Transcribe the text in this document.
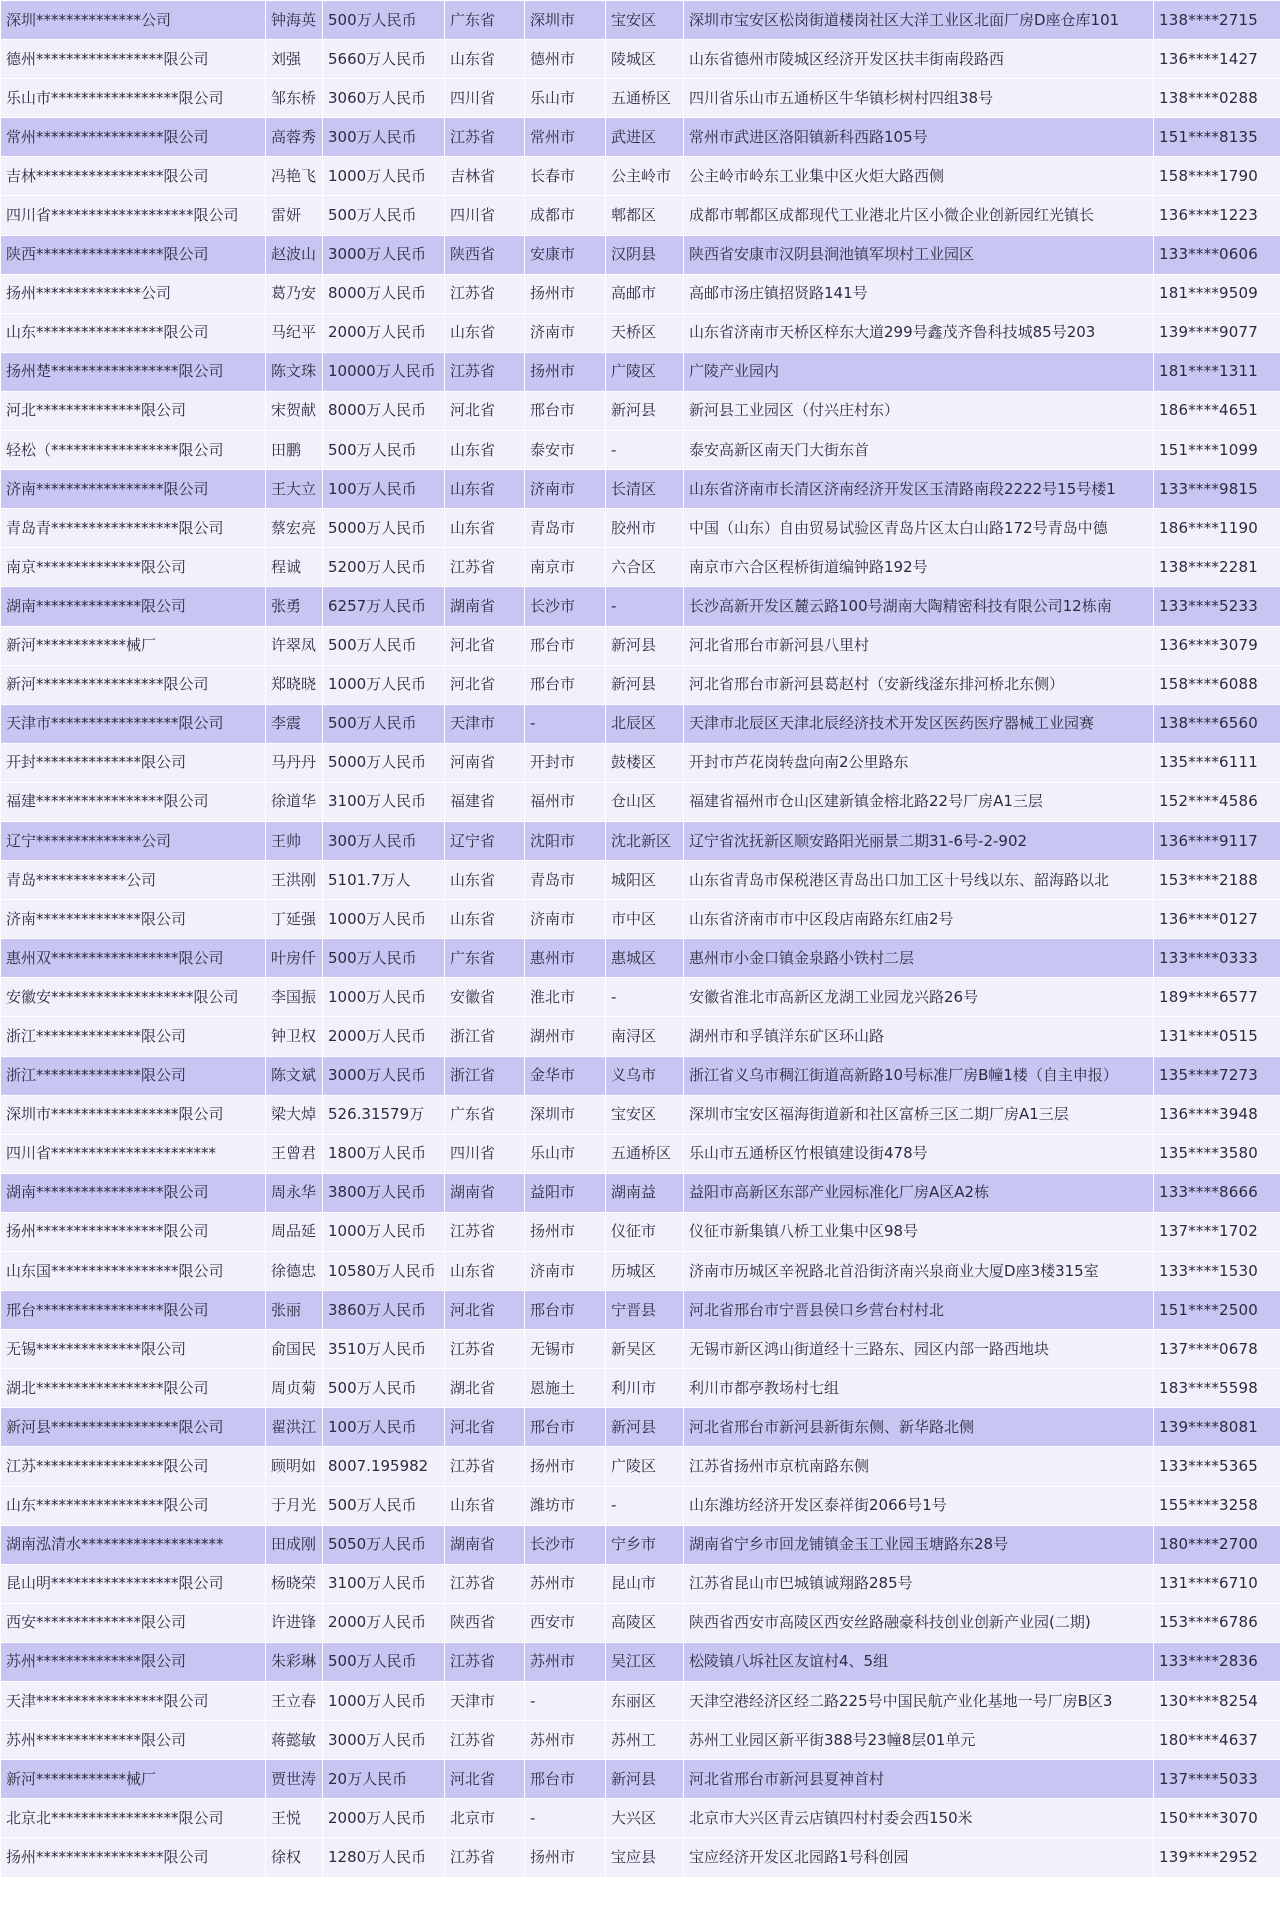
深圳**************公司	钟海英	500万人民币	广东省	深圳市	宝安区	深圳市宝安区松岗街道楼岗社区大洋工业区北面厂房D座仓库101	138****2715
德州*****************限公司	刘强	5660万人民币	山东省	德州市	陵城区	山东省德州市陵城区经济开发区扶丰街南段路西	136****1427
乐山市*****************限公司	邹东桥	3060万人民币	四川省	乐山市	五通桥区	四川省乐山市五通桥区牛华镇杉树村四组38号	138****0288
常州*****************限公司	高蓉秀	300万人民币	江苏省	常州市	武进区	常州市武进区洛阳镇新科西路105号	151****8135
吉林*****************限公司	冯艳飞	1000万人民币	吉林省	长春市	公主岭市	公主岭市岭东工业集中区火炬大路西侧	158****1790
四川省*******************限公司	雷妍	500万人民币	四川省	成都市	郫都区	成都市郫都区成都现代工业港北片区小微企业创新园红光镇长	136****1223
陕西*****************限公司	赵波山	3000万人民币	陕西省	安康市	汉阴县	陕西省安康市汉阴县涧池镇军坝村工业园区	133****0606
扬州**************公司	葛乃安	8000万人民币	江苏省	扬州市	高邮市	高邮市汤庄镇招贤路141号	181****9509
山东*****************限公司	马纪平	2000万人民币	山东省	济南市	天桥区	山东省济南市天桥区梓东大道299号鑫茂齐鲁科技城85号203	139****9077
扬州楚*****************限公司	陈文珠	10000万人民币	江苏省	扬州市	广陵区	广陵产业园内	181****1311
河北**************限公司	宋贺献	8000万人民币	河北省	邢台市	新河县	新河县工业园区（付兴庄村东）	186****4651
轻松（*****************限公司	田鹏	500万人民币	山东省	泰安市	-	泰安高新区南天门大街东首	151****1099
济南*****************限公司	王大立	100万人民币	山东省	济南市	长清区	山东省济南市长清区济南经济开发区玉清路南段2222号15号楼1	133****9815
青岛青*****************限公司	蔡宏亮	5000万人民币	山东省	青岛市	胶州市	中国（山东）自由贸易试验区青岛片区太白山路172号青岛中德	186****1190
南京**************限公司	程诚	5200万人民币	江苏省	南京市	六合区	南京市六合区程桥街道编钟路192号	138****2281
湖南**************限公司	张勇	6257万人民币	湖南省	长沙市	-	长沙高新开发区麓云路100号湖南大陶精密科技有限公司12栋南	133****5233
新河************械厂	许翠凤	500万人民币	河北省	邢台市	新河县	河北省邢台市新河县八里村	136****3079
新河*****************限公司	郑晓晓	1000万人民币	河北省	邢台市	新河县	河北省邢台市新河县葛赵村（安新线滏东排河桥北东侧）	158****6088
天津市*****************限公司	李震	500万人民币	天津市	-	北辰区	天津市北辰区天津北辰经济技术开发区医药医疗器械工业园赛	138****6560
开封**************限公司	马丹丹	5000万人民币	河南省	开封市	鼓楼区	开封市芦花岗转盘向南2公里路东	135****6111
福建*****************限公司	徐道华	3100万人民币	福建省	福州市	仓山区	福建省福州市仓山区建新镇金榕北路22号厂房A1三层	152****4586
辽宁**************公司	王帅	300万人民币	辽宁省	沈阳市	沈北新区	辽宁省沈抚新区顺安路阳光丽景二期31-6号-2-902	136****9117
青岛************公司	王洪刚	5101.7万人	山东省	青岛市	城阳区	山东省青岛市保税港区青岛出口加工区十号线以东、韶海路以北	153****2188
济南**************限公司	丁延强	1000万人民币	山东省	济南市	市中区	山东省济南市市中区段店南路东红庙2号	136****0127
惠州双*****************限公司	叶房仟	500万人民币	广东省	惠州市	惠城区	惠州市小金口镇金泉路小铁村二层	133****0333
安徽安*******************限公司	李国振	1000万人民币	安徽省	淮北市	-	安徽省淮北市高新区龙湖工业园龙兴路26号	189****6577
浙江**************限公司	钟卫权	2000万人民币	浙江省	湖州市	南浔区	湖州市和孚镇洋东矿区环山路	131****0515
浙江**************限公司	陈文斌	3000万人民币	浙江省	金华市	义乌市	浙江省义乌市稠江街道高新路10号标准厂房B幢1楼（自主申报）	135****7273
深圳市*****************限公司	梁大焯	526.31579万	广东省	深圳市	宝安区	深圳市宝安区福海街道新和社区富桥三区二期厂房A1三层	136****3948
四川省**********************	王曾君	1800万人民币	四川省	乐山市	五通桥区	乐山市五通桥区竹根镇建设街478号	135****3580
湖南*****************限公司	周永华	3800万人民币	湖南省	益阳市	湖南益	益阳市高新区东部产业园标准化厂房A区A2栋	133****8666
扬州*****************限公司	周品延	1000万人民币	江苏省	扬州市	仪征市	仪征市新集镇八桥工业集中区98号	137****1702
山东国*****************限公司	徐德忠	10580万人民币	山东省	济南市	历城区	济南市历城区辛祝路北首沿街济南兴泉商业大厦D座3楼315室	133****1530
邢台*****************限公司	张丽	3860万人民币	河北省	邢台市	宁晋县	河北省邢台市宁晋县侯口乡营台村村北	151****2500
无锡**************限公司	俞国民	3510万人民币	江苏省	无锡市	新吴区	无锡市新区鸿山街道经十三路东、园区内部一路西地块	137****0678
湖北*****************限公司	周贞菊	500万人民币	湖北省	恩施土	利川市	利川市都亭教场村七组	183****5598
新河县*****************限公司	翟洪江	100万人民币	河北省	邢台市	新河县	河北省邢台市新河县新街东侧、新华路北侧	139****8081
江苏*****************限公司	顾明如	8007.195982	江苏省	扬州市	广陵区	江苏省扬州市京杭南路东侧	133****5365
山东*****************限公司	于月光	500万人民币	山东省	潍坊市	-	山东潍坊经济开发区泰祥街2066号1号	155****3258
湖南泓清水*******************	田成刚	5050万人民币	湖南省	长沙市	宁乡市	湖南省宁乡市回龙铺镇金玉工业园玉塘路东28号	180****2700
昆山明*****************限公司	杨晓荣	3100万人民币	江苏省	苏州市	昆山市	江苏省昆山市巴城镇诚翔路285号	131****6710
西安**************限公司	许进锋	2000万人民币	陕西省	西安市	高陵区	陕西省西安市高陵区西安丝路融豪科技创业创新产业园(二期)	153****6786
苏州**************限公司	朱彩琳	500万人民币	江苏省	苏州市	吴江区	松陵镇八坼社区友谊村4、5组	133****2836
天津*****************限公司	王立春	1000万人民币	天津市	-	东丽区	天津空港经济区经二路225号中国民航产业化基地一号厂房B区3	130****8254
苏州**************限公司	蒋懿敏	3000万人民币	江苏省	苏州市	苏州工	苏州工业园区新平街388号23幢8层01单元	180****4637
新河************械厂	贾世涛	20万人民币	河北省	邢台市	新河县	河北省邢台市新河县夏神首村	137****5033
北京北*****************限公司	王悦	2000万人民币	北京市	-	大兴区	北京市大兴区青云店镇四村村委会西150米	150****3070
扬州*****************限公司	徐权	1280万人民币	江苏省	扬州市	宝应县	宝应经济开发区北园路1号科创园	139****2952
